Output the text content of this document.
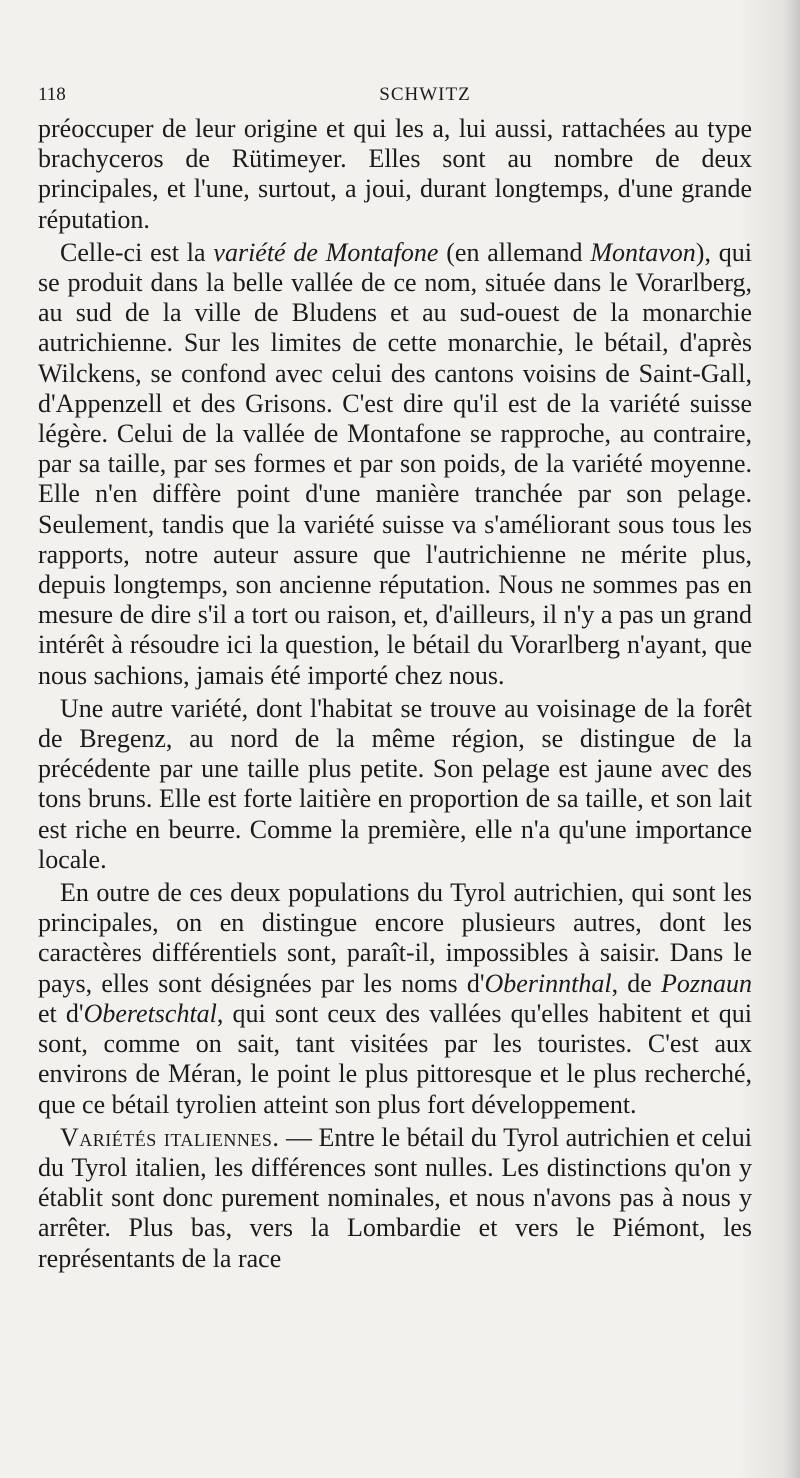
118	SCHWITZ

préoccuper de leur origine et qui les a, lui aussi, rattachées au type brachyceros de Rütimeyer. Elles sont au nombre de deux principales, et l'une, surtout, a joui, durant longtemps, d'une grande réputation.

Celle-ci est la variété de Montafone (en allemand Montavon), qui se produit dans la belle vallée de ce nom, située dans le Vorarlberg, au sud de la ville de Bludens et au sud-ouest de la monarchie autrichienne. Sur les limites de cette monarchie, le bétail, d'après Wilckens, se confond avec celui des cantons voisins de Saint-Gall, d'Appenzell et des Grisons. C'est dire qu'il est de la variété suisse légère. Celui de la vallée de Montafone se rapproche, au contraire, par sa taille, par ses formes et par son poids, de la variété moyenne. Elle n'en diffère point d'une manière tranchée par son pelage. Seulement, tandis que la variété suisse va s'améliorant sous tous les rapports, notre auteur assure que l'autrichienne ne mérite plus, depuis longtemps, son ancienne réputation. Nous ne sommes pas en mesure de dire s'il a tort ou raison, et, d'ailleurs, il n'y a pas un grand intérêt à résoudre ici la question, le bétail du Vorarlberg n'ayant, que nous sachions, jamais été importé chez nous.

Une autre variété, dont l'habitat se trouve au voisinage de la forêt de Bregenz, au nord de la même région, se distingue de la précédente par une taille plus petite. Son pelage est jaune avec des tons bruns. Elle est forte laitière en proportion de sa taille, et son lait est riche en beurre. Comme la première, elle n'a qu'une importance locale.

En outre de ces deux populations du Tyrol autrichien, qui sont les principales, on en distingue encore plusieurs autres, dont les caractères différentiels sont, paraît-il, impossibles à saisir. Dans le pays, elles sont désignées par les noms d'Oberinnthal, de Poznaun et d'Oberetschtal, qui sont ceux des vallées qu'elles habitent et qui sont, comme on sait, tant visitées par les touristes. C'est aux environs de Méran, le point le plus pittoresque et le plus recherché, que ce bétail tyrolien atteint son plus fort développement.

Variétés italiennes. — Entre le bétail du Tyrol autrichien et celui du Tyrol italien, les différences sont nulles. Les distinctions qu'on y établit sont donc purement nominales, et nous n'avons pas à nous y arrêter. Plus bas, vers la Lombardie et vers le Piémont, les représentants de la race
